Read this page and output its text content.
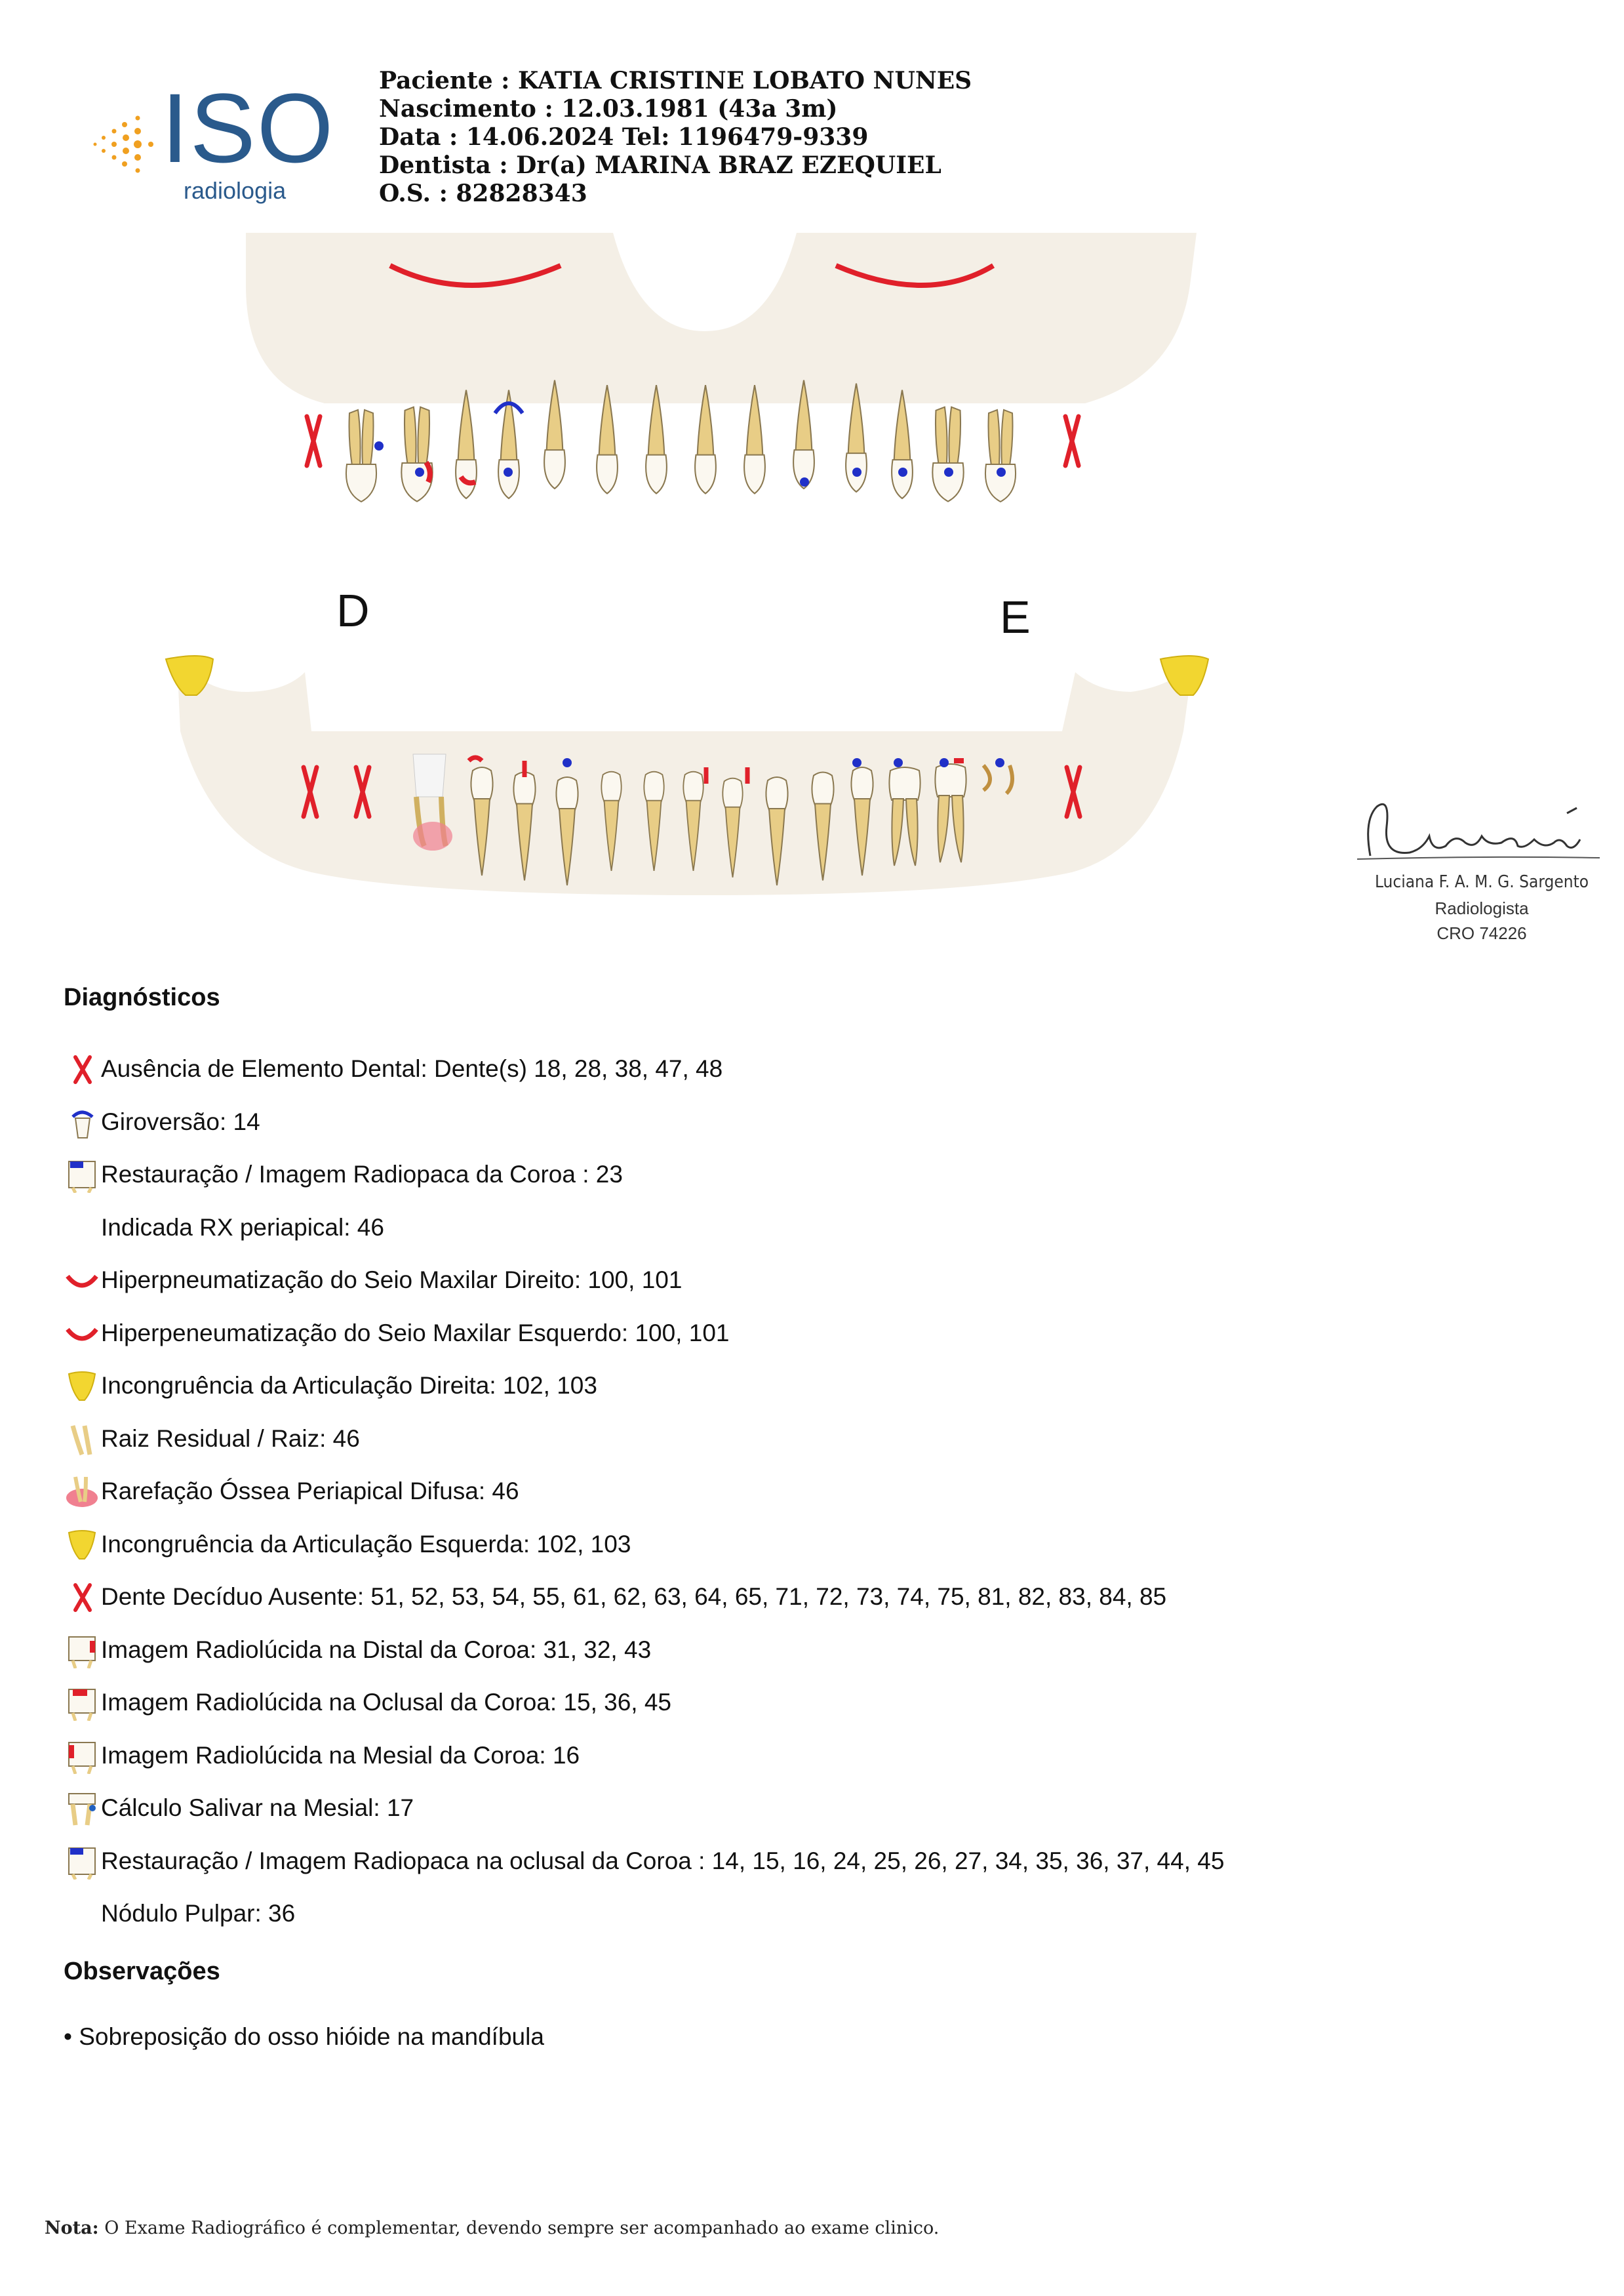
ISO
radiologia
Paciente : KATIA CRISTINE LOBATO NUNES
Nascimento : 12.03.1981 (43a 3m)
Data : 14.06.2024 Tel: 1196479-9339
Dentista : Dr(a) MARINA BRAZ EZEQUIEL
O.S. : 82828343
D	E
Luciana F. A. M. G. Sargento
Radiologista
CRO 74226
Diagnósticos
Ausência de Elemento Dental: Dente(s) 18, 28, 38, 47, 48
Giroversão: 14
Restauração / Imagem Radiopaca da Coroa : 23
Indicada RX periapical: 46
Hiperpneumatização do Seio Maxilar Direito: 100, 101
Hiperpeneumatização do Seio Maxilar Esquerdo: 100, 101
Incongruência da Articulação Direita: 102, 103
Raiz Residual / Raiz: 46
Rarefação Óssea Periapical Difusa: 46
Incongruência da Articulação Esquerda: 102, 103
Dente Decíduo Ausente: 51, 52, 53, 54, 55, 61, 62, 63, 64, 65, 71, 72, 73, 74, 75, 81, 82, 83, 84, 85
Imagem Radiolúcida na Distal da Coroa: 31, 32, 43
Imagem Radiolúcida na Oclusal da Coroa: 15, 36, 45
Imagem Radiolúcida na Mesial da Coroa: 16
Cálculo Salivar na Mesial: 17
Restauração / Imagem Radiopaca na oclusal da Coroa : 14, 15, 16, 24, 25, 26, 27, 34, 35, 36, 37, 44, 45
Nódulo Pulpar: 36
Observações
• Sobreposição do osso hióide na mandíbula
Nota: O Exame Radiográfico é complementar, devendo sempre ser acompanhado ao exame clinico.
